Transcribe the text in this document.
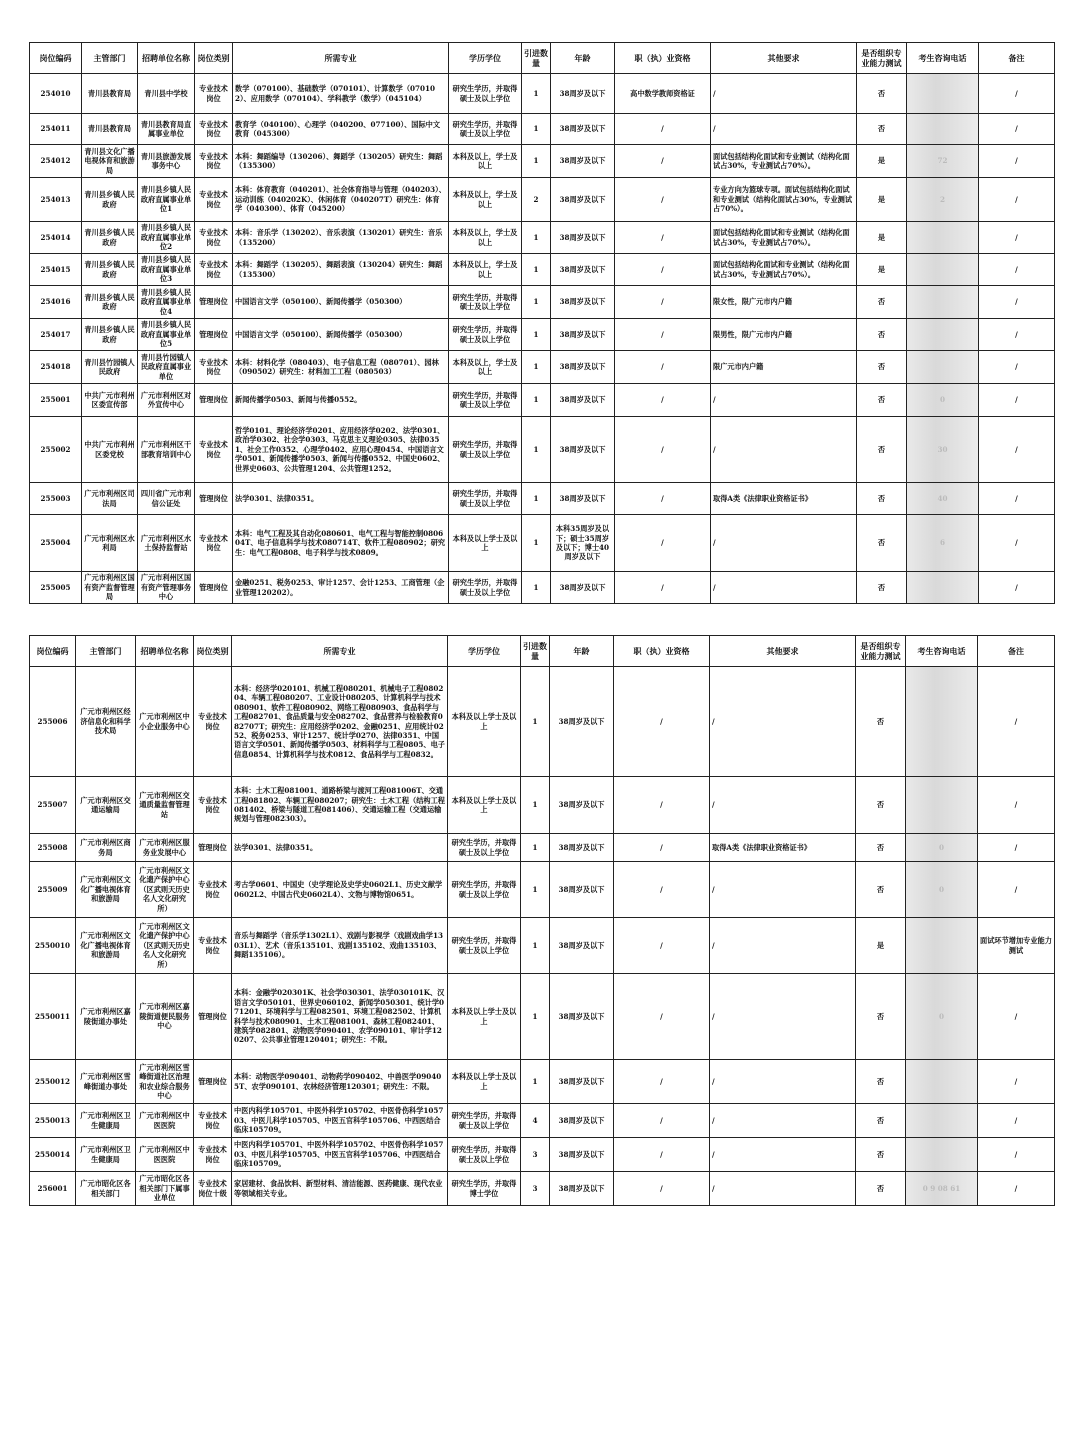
岗位编码	主管部门	招聘单位名称	岗位类别	所需专业	学历学位	引进数量	年龄	职（执）业资格	其他要求	是否组织专业能力测试	考生咨询电话	备注
254010	青川县教育局	青川县中学校	专业技术岗位	数学（070100）、基础数学（070101）、计算数学（070102）、应用数学（070104）、学科教学（数学）（045104）	研究生学历，并取得硕士及以上学位	1	38周岁及以下	高中数学教师资格证	/	否		/
254011	青川县教育局	青川县教育局直属事业单位	专业技术岗位	教育学（040100）、心理学（040200、077100）、国际中文教育（045300）	研究生学历，并取得硕士及以上学位	1	38周岁及以下	/	/	否		/
254012	青川县文化广播电视体育和旅游局	青川县旅游发展事务中心	专业技术岗位	本科：舞蹈编导（130206）、舞蹈学（130205）研究生：舞蹈（135300）	本科及以上，学士及以上	1	38周岁及以下	/	面试包括结构化面试和专业测试（结构化面试占30%，专业测试占70%）。	是	72	/
254013	青川县乡镇人民政府	青川县乡镇人民政府直属事业单位1	专业技术岗位	本科：体育教育（040201）、社会体育指导与管理（040203）、运动训练（040202K）、休闲体育（040207T）研究生：体育学（040300）、体育（045200）	本科及以上，学士及以上	2	38周岁及以下	/	专业方向为篮球专项。面试包括结构化面试和专业测试（结构化面试占30%，专业测试占70%）。	是	2	/
254014	青川县乡镇人民政府	青川县乡镇人民政府直属事业单位2	专业技术岗位	本科：音乐学（130202）、音乐表演（130201）研究生：音乐（135200）	本科及以上，学士及以上	1	38周岁及以下	/	面试包括结构化面试和专业测试（结构化面试占30%，专业测试占70%）。	是		/
254015	青川县乡镇人民政府	青川县乡镇人民政府直属事业单位3	专业技术岗位	本科：舞蹈学（130205）、舞蹈表演（130204）研究生：舞蹈（135300）	本科及以上，学士及以上	1	38周岁及以下	/	面试包括结构化面试和专业测试（结构化面试占30%，专业测试占70%）。	是		/
254016	青川县乡镇人民政府	青川县乡镇人民政府直属事业单位4	管理岗位	中国语言文学（050100）、新闻传播学（050300）	研究生学历，并取得硕士及以上学位	1	38周岁及以下	/	限女性，限广元市内户籍	否		/
254017	青川县乡镇人民政府	青川县乡镇人民政府直属事业单位5	管理岗位	中国语言文学（050100）、新闻传播学（050300）	研究生学历，并取得硕士及以上学位	1	38周岁及以下	/	限男性，限广元市内户籍	否		/
254018	青川县竹园镇人民政府	青川县竹园镇人民政府直属事业单位	专业技术岗位	本科：材料化学（080403）、电子信息工程（080701）、园林（090502）研究生：材料加工工程（080503）	本科及以上，学士及以上	1	38周岁及以下	/	限广元市内户籍	否		/
255001	中共广元市利州区委宣传部	广元市利州区对外宣传中心	管理岗位	新闻传播学0503、新闻与传播0552。	研究生学历，并取得硕士及以上学位	1	38周岁及以下	/	/	否	0	/
255002	中共广元市利州区委党校	广元市利州区干部教育培训中心	专业技术岗位	哲学0101、理论经济学0201、应用经济学0202、法学0301、政治学0302、社会学0303、马克思主义理论0305、法律0351、社会工作0352、心理学0402、应用心理0454、中国语言文学0501、新闻传播学0503、新闻与传播0552、中国史0602、世界史0603、公共管理1204、公共管理1252。	研究生学历，并取得硕士及以上学位	1	38周岁及以下	/	/	否	30	/
255003	广元市利州区司法局	四川省广元市利信公证处	管理岗位	法学0301、法律0351。	研究生学历，并取得硕士及以上学位	1	38周岁及以下	/	取得A类《法律职业资格证书》	否	40	/
255004	广元市利州区水利局	广元市利州区水土保持监督站	专业技术岗位	本科：电气工程及其自动化080601、电气工程与智能控制080604T、电子信息科学与技术080714T、软件工程080902；研究生：电气工程0808、电子科学与技术0809。	本科及以上学士及以上	1	本科35周岁及以下；硕士35周岁及以下；博士40周岁及以下	/	/	否	6	/
255005	广元市利州区国有资产监督管理局	广元市利州区国有资产管理事务中心	管理岗位	金融0251、税务0253、审计1257、会计1253、工商管理（企业管理120202）。	研究生学历，并取得硕士及以上学位	1	38周岁及以下	/	/	否		/
岗位编码	主管部门	招聘单位名称	岗位类别	所需专业	学历学位	引进数量	年龄	职（执）业资格	其他要求	是否组织专业能力测试	考生咨询电话	备注
255006	广元市利州区经济信息化和科学技术局	广元市利州区中小企业服务中心	专业技术岗位	本科：经济学020101、机械工程080201、机械电子工程080204、车辆工程080207、工业设计080205、计算机科学与技术080901、软件工程080902、网络工程080903、食品科学与工程082701、食品质量与安全082702、食品营养与检验教育082707T；研究生：应用经济学0202、金融0251、应用统计0252、税务0253、审计1257、统计学0270、法律0351、中国语言文学0501、新闻传播学0503、材料科学与工程0805、电子信息0854、计算机科学与技术0812、食品科学与工程0832。	本科及以上学士及以上	1	38周岁及以下	/	/	否		/
255007	广元市利州区交通运输局	广元市利州区交通质量监督管理站	专业技术岗位	本科：土木工程081001、道路桥梁与渡河工程081006T、交通工程081802、车辆工程080207；研究生：土木工程（结构工程081402、桥梁与隧道工程081406）、交通运输工程（交通运输规划与管理082303）。	本科及以上学士及以上	1	38周岁及以下	/	/	否		/
255008	广元市利州区商务局	广元市利州区服务业发展中心	管理岗位	法学0301、法律0351。	研究生学历，并取得硕士及以上学位	1	38周岁及以下	/	取得A类《法律职业资格证书》	否	0	/
255009	广元市利州区文化广播电视体育和旅游局	广元市利州区文化遗产保护中心（区武则天历史名人文化研究所）	专业技术岗位	考古学0601、中国史（史学理论及史学史0602L1、历史文献学0602L2、中国古代史0602L4）、文物与博物馆0651。	研究生学历，并取得硕士及以上学位	1	38周岁及以下	/	/	否	0	/
2550010	广元市利州区文化广播电视体育和旅游局	广元市利州区文化遗产保护中心（区武则天历史名人文化研究所）	专业技术岗位	音乐与舞蹈学（音乐学1302L1）、戏剧与影视学（戏剧戏曲学1303L1）、艺术（音乐135101、戏剧135102、戏曲135103、舞蹈135106）。	研究生学历，并取得硕士及以上学位	1	38周岁及以下	/	/	是		面试环节增加专业能力测试
2550011	广元市利州区嘉陵街道办事处	广元市利州区嘉陵街道便民服务中心	管理岗位	本科：金融学020301K、社会学030301、法学030101K、汉语言文学050101、世界史060102、新闻学050301、统计学071201、环境科学与工程082501、环境工程082502、计算机科学与技术080901、土木工程081001、森林工程082401、建筑学082801、动物医学090401、农学090101、审计学120207、公共事业管理120401；研究生：不限。	本科及以上学士及以上	1	38周岁及以下	/	/	否	0	/
2550012	广元市利州区雪峰街道办事处	广元市利州区雪峰街道社区治理和农业综合服务中心	管理岗位	本科：动物医学090401、动物药学090402、中兽医学090405T、农学090101、农林经济管理120301；研究生：不限。	本科及以上学士及以上	1	38周岁及以下	/	/	否		/
2550013	广元市利州区卫生健康局	广元市利州区中医医院	专业技术岗位	中医内科学105701、中医外科学105702、中医骨伤科学105703、中医儿科学105705、中医五官科学105706、中西医结合临床105709。	研究生学历，并取得硕士及以上学位	4	38周岁及以下	/	/	否		/
2550014	广元市利州区卫生健康局	广元市利州区中医医院	专业技术岗位	中医内科学105701、中医外科学105702、中医骨伤科学105703、中医儿科学105705、中医五官科学105706、中西医结合临床105709。	研究生学历，并取得硕士及以上学位	3	38周岁及以下	/	/	否		/
256001	广元市昭化区各相关部门	广元市昭化区各相关部门下属事业单位	专业技术岗位十级	家居建材、食品饮料、新型材料、清洁能源、医药健康、现代农业等领域相关专业。	研究生学历，并取得博士学位	3	38周岁及以下	/	/	否	0 9 08 61	/
